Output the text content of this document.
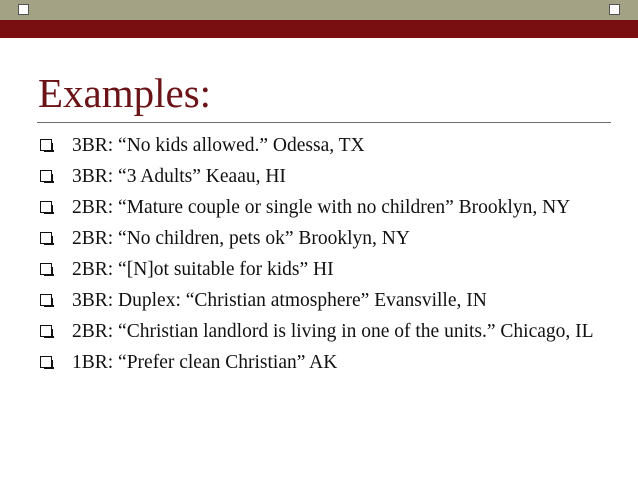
Examples:
3BR: “No kids allowed.” Odessa, TX
3BR: “3 Adults” Keaau, HI
2BR: “Mature couple or single with no children” Brooklyn, NY
2BR: “No children, pets ok” Brooklyn, NY
2BR: “[N]ot suitable for kids” HI
3BR: Duplex: “Christian atmosphere” Evansville, IN
2BR: “Christian landlord is living in one of the units.” Chicago, IL
1BR: “Prefer clean Christian” AK
